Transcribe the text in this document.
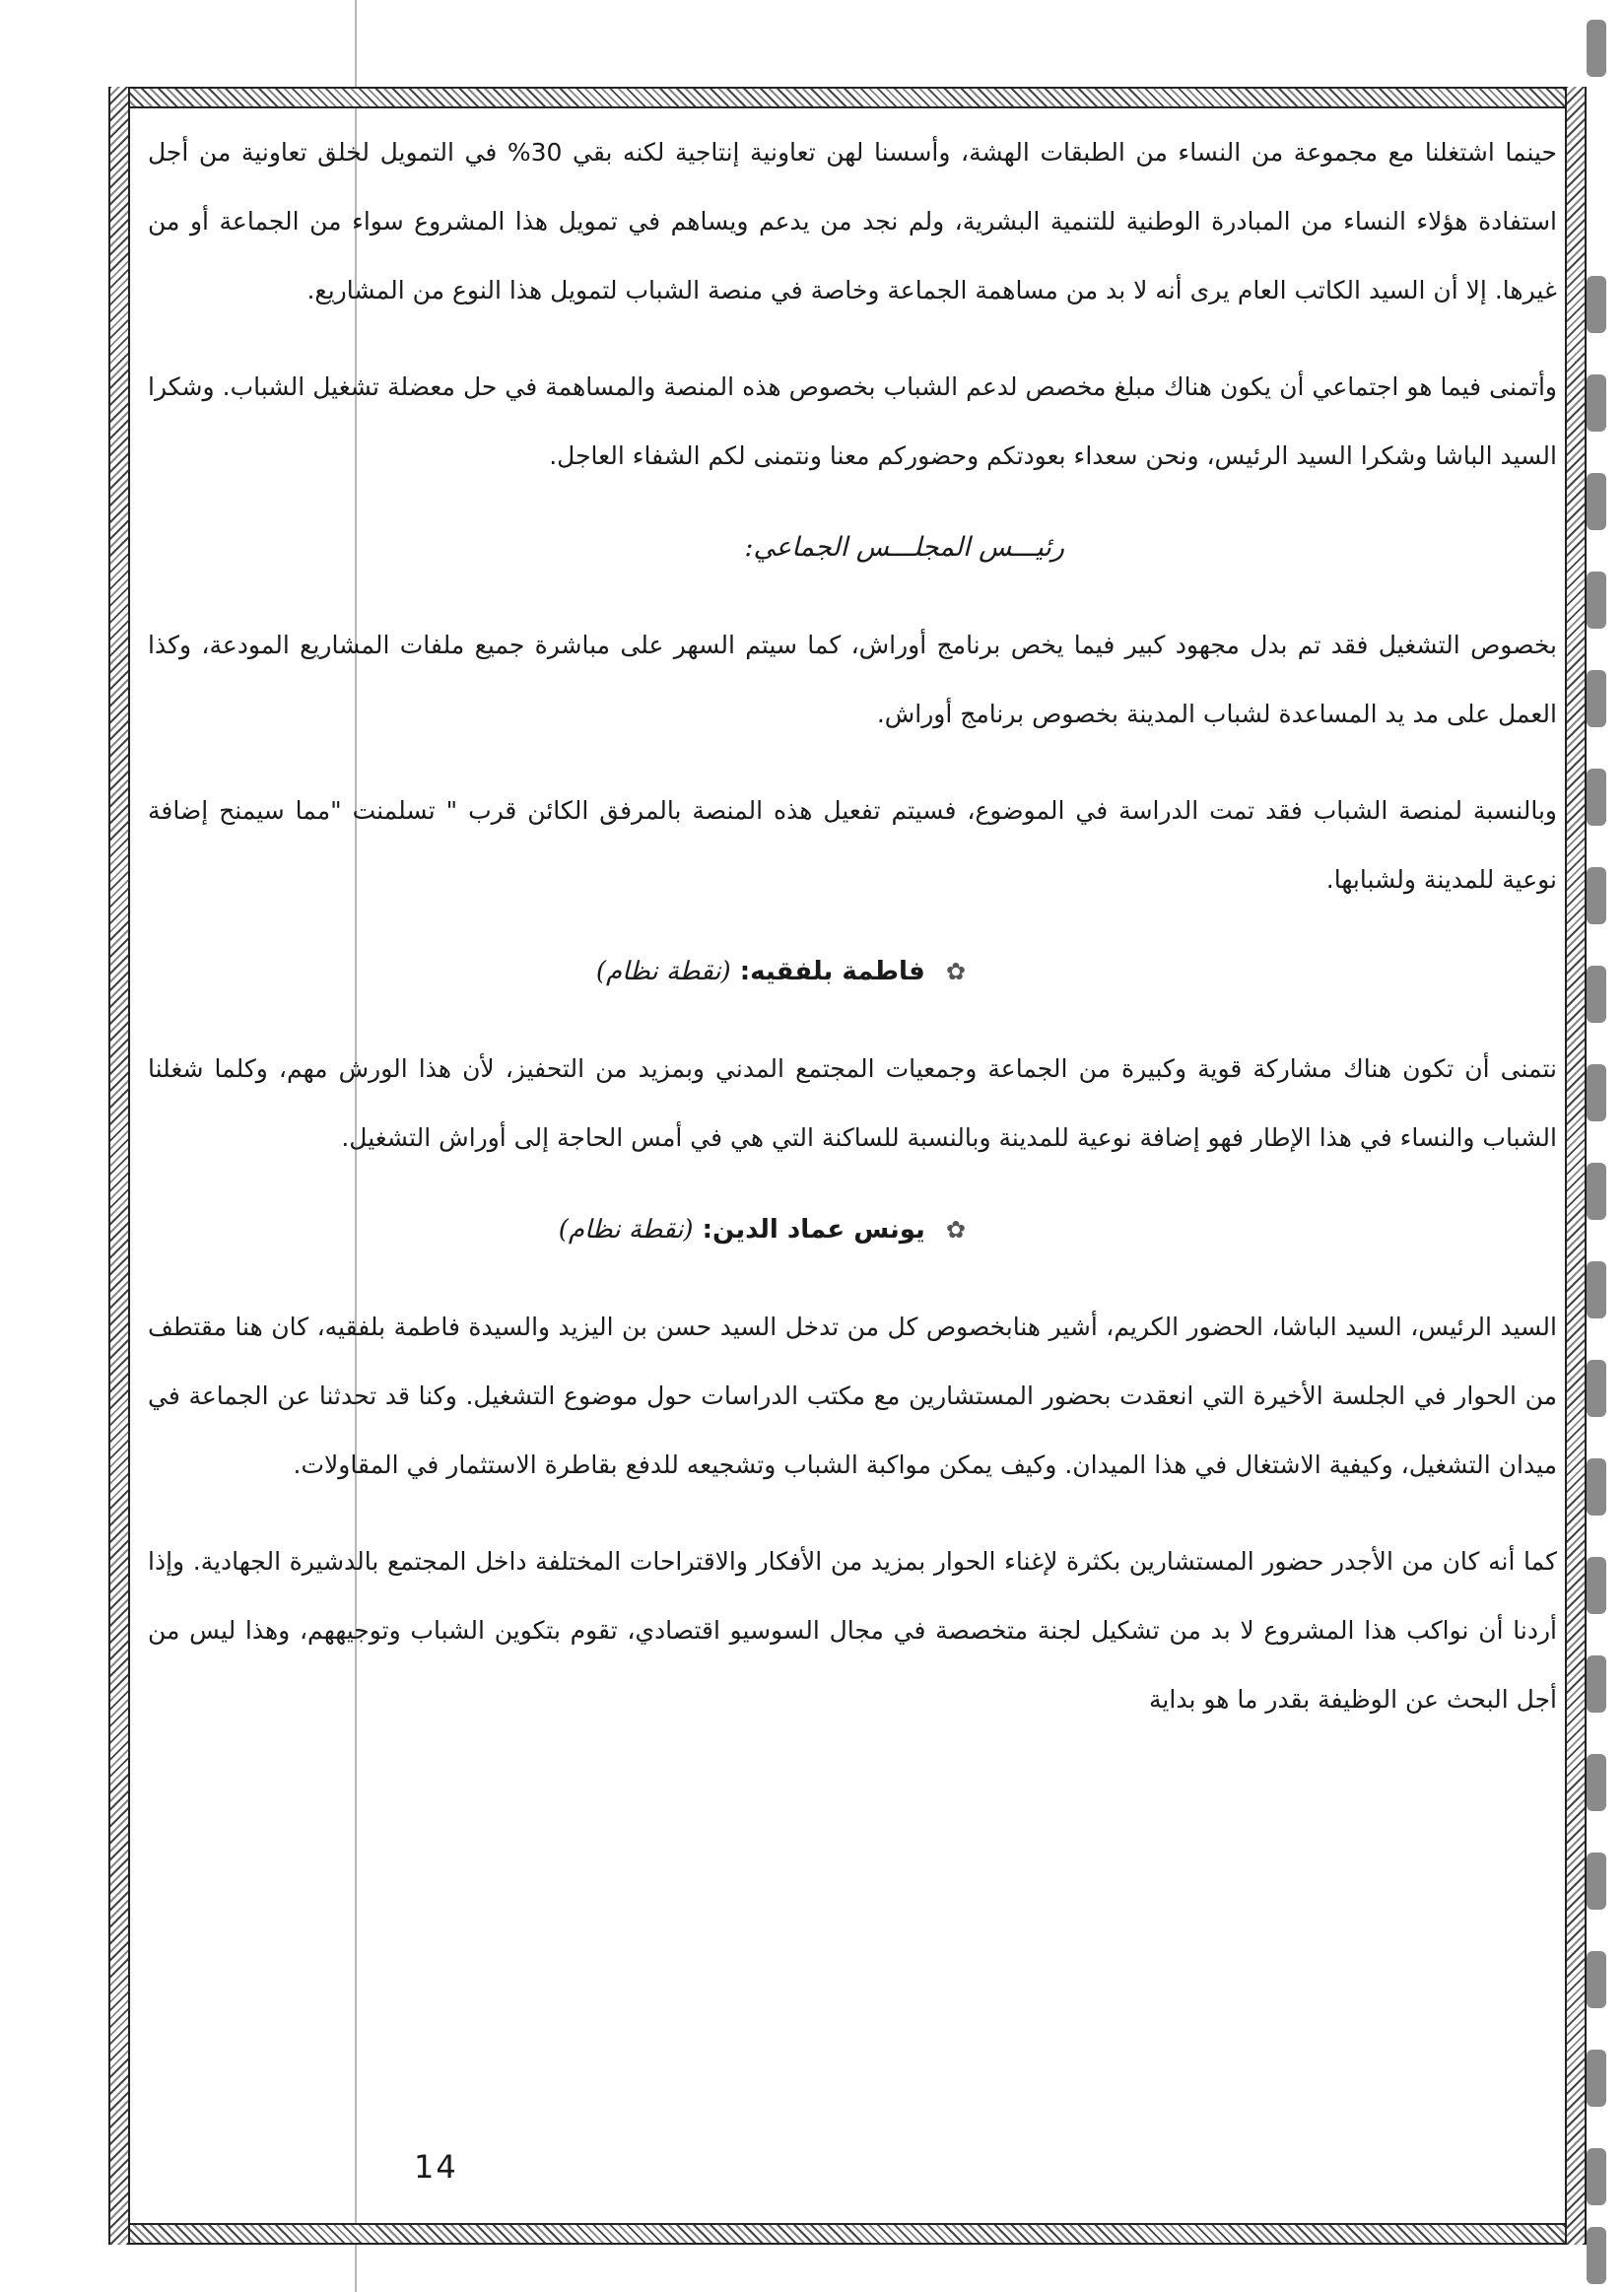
حينما اشتغلنا مع مجموعة من النساء من الطبقات الهشة، وأسسنا لهن تعاونية إنتاجية لكنه بقي 30% في التمويل لخلق تعاونية من أجل استفادة هؤلاء النساء من المبادرة الوطنية للتنمية البشرية، ولم نجد من يدعم ويساهم في تمويل هذا المشروع سواء من الجماعة أو من غيرها. إلا أن السيد الكاتب العام يرى أنه لا بد من مساهمة الجماعة وخاصة في منصة الشباب لتمويل هذا النوع من المشاريع.

وأتمنى فيما هو اجتماعي أن يكون هناك مبلغ مخصص لدعم الشباب بخصوص هذه المنصة والمساهمة في حل معضلة تشغيل الشباب. وشكرا السيد الباشا وشكرا السيد الرئيس، ونحن سعداء بعودتكم وحضوركم معنا ونتمنى لكم الشفاء العاجل.

رئيـــس المجلـــس الجماعي:

بخصوص التشغيل فقد تم بدل مجهود كبير فيما يخص برنامج أوراش، كما سيتم السهر على مباشرة جميع ملفات المشاريع المودعة، وكذا العمل على مد يد المساعدة لشباب المدينة بخصوص برنامج أوراش.

وبالنسبة لمنصة الشباب فقد تمت الدراسة في الموضوع، فسيتم تفعيل هذه المنصة بالمرفق الكائن قرب " تسلمنت "مما سيمنح إضافة نوعية للمدينة ولشبابها.

✿ فاطمة بلفقيه: (نقطة نظام)

نتمنى أن تكون هناك مشاركة قوية وكبيرة من الجماعة وجمعيات المجتمع المدني وبمزيد من التحفيز، لأن هذا الورش مهم، وكلما شغلنا الشباب والنساء في هذا الإطار فهو إضافة نوعية للمدينة وبالنسبة للساكنة التي هي في أمس الحاجة إلى أوراش التشغيل.

✿ يونس عماد الدين: (نقطة نظام)

السيد الرئيس، السيد الباشا، الحضور الكريم، أشير هنابخصوص كل من تدخل السيد حسن بن اليزيد والسيدة فاطمة بلفقيه، كان هنا مقتطف من الحوار في الجلسة الأخيرة التي انعقدت بحضور المستشارين مع مكتب الدراسات حول موضوع التشغيل. وكنا قد تحدثنا عن الجماعة في ميدان التشغيل، وكيفية الاشتغال في هذا الميدان. وكيف يمكن مواكبة الشباب وتشجيعه للدفع بقاطرة الاستثمار في المقاولات.

كما أنه كان من الأجدر حضور المستشارين بكثرة لإغناء الحوار بمزيد من الأفكار والاقتراحات المختلفة داخل المجتمع بالدشيرة الجهادية. وإذا أردنا أن نواكب هذا المشروع لا بد من تشكيل لجنة متخصصة في مجال السوسيو اقتصادي، تقوم بتكوين الشباب وتوجيههم، وهذا ليس من أجل البحث عن الوظيفة بقدر ما هو بداية

14
